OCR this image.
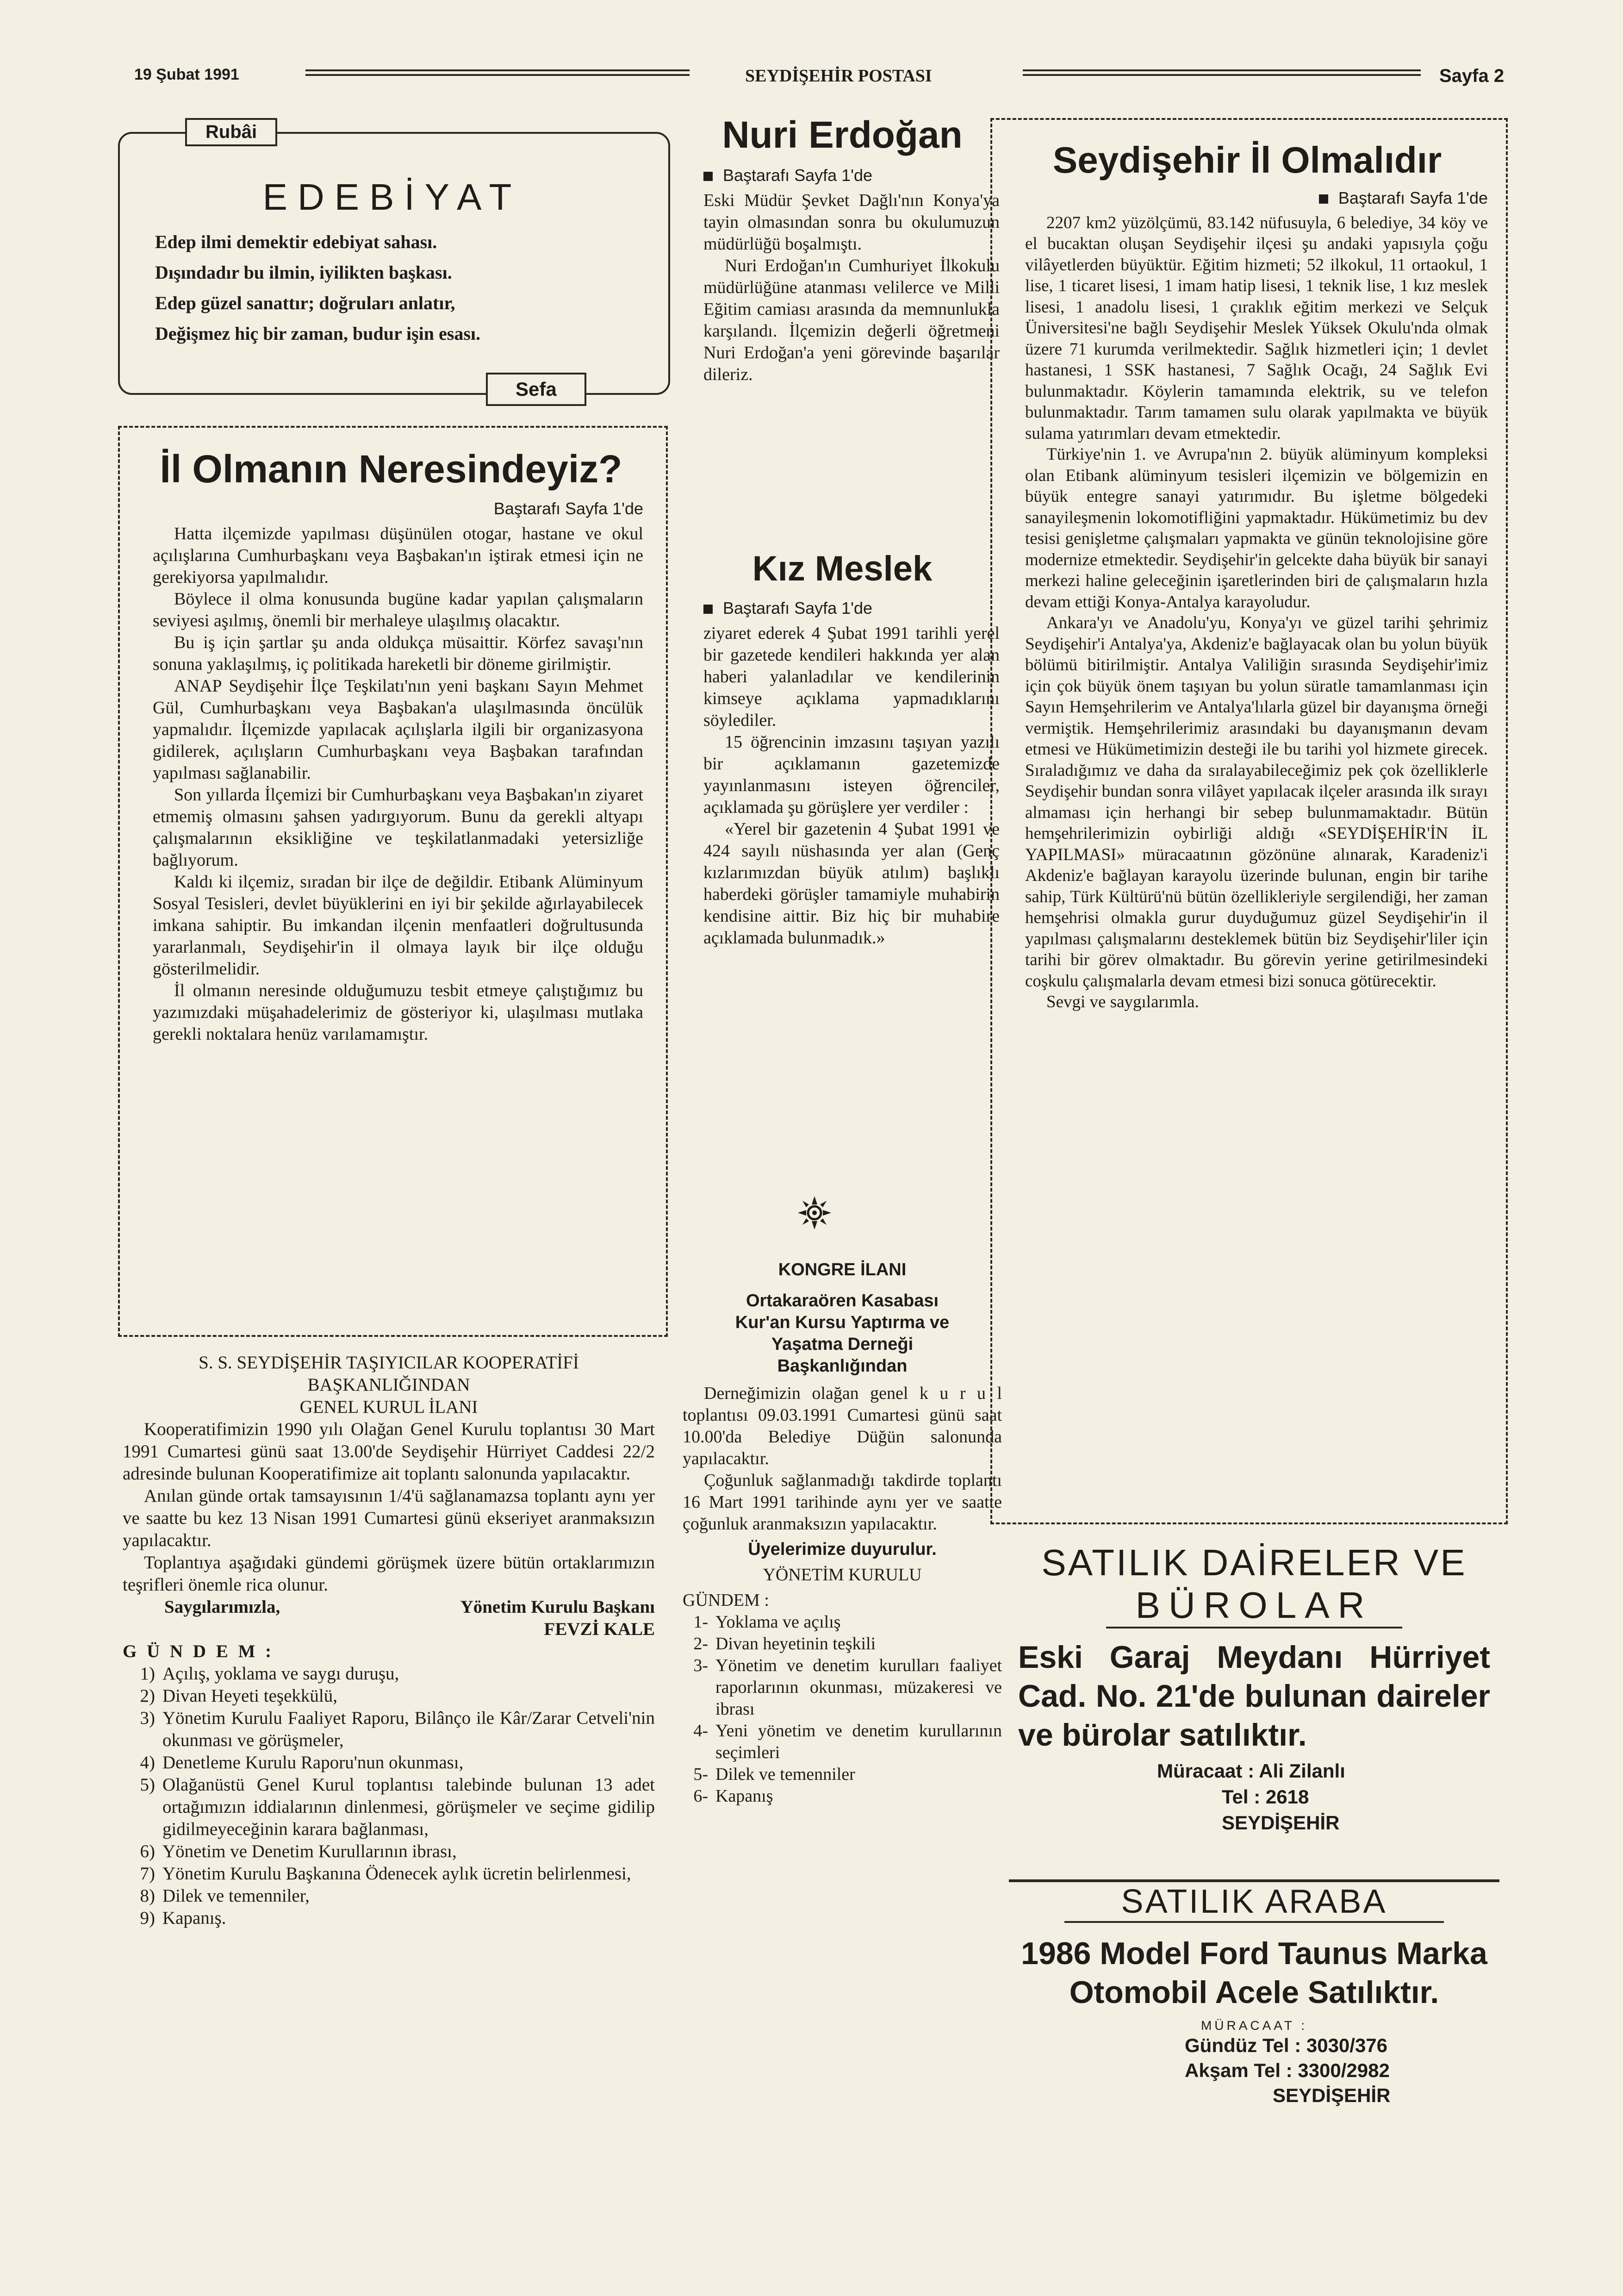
19 Şubat 1991	SEYDİŞEHİR POSTASI	Sayfa 2
Rubâi
EDEBİYAT
Edep ilmi demektir edebiyat sahası.
Dışındadır bu ilmin, iyilikten başkası.
Edep güzel sanattır; doğruları anlatır,
Değişmez hiç bir zaman, budur işin esası.
Sefa
İl Olmanın Neresindeyiz?
Baştarafı Sayfa 1'de

Hatta ilçemizde yapılması düşünülen otogar, hastane ve okul açılışlarına Cumhurbaşkanı veya Başbakan'ın iştirak etmesi için ne gerekiyorsa yapılmalıdır.

Böylece il olma konusunda bugüne kadar yapılan çalışmaların seviyesi aşılmış, önemli bir merhaleye ulaşılmış olacaktır.

Bu iş için şartlar şu anda oldukça müsaittir. Körfez savaşı'nın sonuna yaklaşılmış, iç politikada hareketli bir döneme girilmiştir.

ANAP Seydişehir İlçe Teşkilatı'nın yeni başkanı Sayın Mehmet Gül, Cumhurbaşkanı veya Başbakan'a ulaşılmasında öncülük yapmalıdır. İlçemizde yapılacak açılışlarla ilgili bir organizasyona gidilerek, açılışların Cumhurbaşkanı veya Başbakan tarafından yapılması sağlanabilir.

Son yıllarda İlçemizi bir Cumhurbaşkanı veya Başbakan'ın ziyaret etmemiş olmasını şahsen yadırgıyorum. Bunu da gerekli altyapı çalışmalarının eksikliğine ve teşkilatlanmadaki yetersizliğe bağlıyorum.

Kaldı ki ilçemiz, sıradan bir ilçe de değildir. Etibank Alüminyum Sosyal Tesisleri, devlet büyüklerini en iyi bir şekilde ağırlayabilecek imkana sahiptir. Bu imkandan ilçenin menfaatleri doğrultusunda yararlanmalı, Seydişehir'in il olmaya layık bir ilçe olduğu gösterilmelidir.

İl olmanın neresinde olduğumuzu tesbit etmeye çalıştığımız bu yazımızdaki müşahadelerimiz de gösteriyor ki, ulaşılması mutlaka gerekli noktalara henüz varılamamıştır.

S. S. SEYDİŞEHİR TAŞIYICILAR KOOPERATİFİ
BAŞKANLIĞINDAN
GENEL KURUL İLANI

Kooperatifimizin 1990 yılı Olağan Genel Kurulu toplantısı 30 Mart 1991 Cumartesi günü saat 13.00'de Seydişehir Hürriyet Caddesi 22/2 adresinde bulunan Kooperatifimize ait toplantı salonunda yapılacaktır.

Anılan günde ortak tamsayısının 1/4'ü sağlanamazsa toplantı aynı yer ve saatte bu kez 13 Nisan 1991 Cumartesi günü ekseriyet aranmaksızın yapılacaktır.

Toplantıya aşağıdaki gündemi görüşmek üzere bütün ortaklarımızın teşrifleri önemle rica olunur.

Saygılarımızla,	Yönetim Kurulu Başkanı
FEVZİ KALE
G Ü N D E M :
1) Açılış, yoklama ve saygı duruşu,
2) Divan Heyeti teşekkülü,
3) Yönetim Kurulu Faaliyet Raporu, Bilânço ile Kâr/Zarar Cetveli'nin okunması ve görüşmeler,
4) Denetleme Kurulu Raporu'nun okunması,
5) Olağanüstü Genel Kurul toplantısı talebinde bulunan 13 adet ortağımızın iddialarının dinlenmesi, görüşmeler ve seçime gidilip gidilmeyeceğinin karara bağlanması,
6) Yönetim ve Denetim Kurullarının ibrası,
7) Yönetim Kurulu Başkanına Ödenecek aylık ücretin belirlenmesi,
8) Dilek ve temenniler,
9) Kapanış.
Nuri Erdoğan
Baştarafı Sayfa 1'de

Eski Müdür Şevket Dağlı'nın Konya'ya tayin olmasından sonra bu okulumuzun müdürlüğü boşalmıştı.

Nuri Erdoğan'ın Cumhuriyet İlkokulu müdürlüğüne atanması velilerce ve Milli Eğitim camiası arasında da memnunlukla karşılandı. İlçemizin değerli öğretmeni Nuri Erdoğan'a yeni görevinde başarılar dileriz.

Kız Meslek
Baştarafı Sayfa 1'de

ziyaret ederek 4 Şubat 1991 tarihli yerel bir gazetede kendileri hakkında yer alan haberi yalanladılar ve kendilerinin kimseye açıklama yapmadıklarını söylediler.

15 öğrencinin imzasını taşıyan yazılı bir açıklamanın gazetemizde yayınlanmasını isteyen öğrenciler, açıklamada şu görüşlere yer verdiler :

«Yerel bir gazetenin 4 Şubat 1991 ve 424 sayılı nüshasında yer alan (Genç kızlarımızdan büyük atılım) başlıklı haberdeki görüşler tamamiyle muhabirin kendisine aittir. Biz hiç bir muhabire açıklamada bulunmadık.»

KONGRE İLANI
Ortakaraören Kasabası
Kur'an Kursu Yaptırma ve
Yaşatma Derneği
Başkanlığından

Derneğimizin olağan genel k u r u l toplantısı 09.03.1991 Cumartesi günü saat 10.00'da Belediye Düğün salonunda yapılacaktır.

Çoğunluk sağlanmadığı takdirde toplantı 16 Mart 1991 tarihinde aynı yer ve saatte çoğunluk aranmaksızın yapılacaktır.

Üyelerimize duyurulur.
YÖNETİM KURULU
GÜNDEM :
1- Yoklama ve açılış
2- Divan heyetinin teşkili
3- Yönetim ve denetim kurulları faaliyet raporlarının okunması, müzakeresi ve ibrası
4- Yeni yönetim ve denetim kurullarının seçimleri
5- Dilek ve temenniler
6- Kapanış
Seydişehir İl Olmalıdır
Baştarafı Sayfa 1'de

2207 km2 yüzölçümü, 83.142 nüfusuyla, 6 belediye, 34 köy ve el bucaktan oluşan Seydişehir ilçesi şu andaki yapısıyla çoğu vilâyetlerden büyüktür. Eğitim hizmeti; 52 ilkokul, 11 ortaokul, 1 lise, 1 ticaret lisesi, 1 imam hatip lisesi, 1 teknik lise, 1 kız meslek lisesi, 1 anadolu lisesi, 1 çıraklık eğitim merkezi ve Selçuk Üniversitesi'ne bağlı Seydişehir Meslek Yüksek Okulu'nda olmak üzere 71 kurumda verilmektedir. Sağlık hizmetleri için; 1 devlet hastanesi, 1 SSK hastanesi, 7 Sağlık Ocağı, 24 Sağlık Evi bulunmaktadır. Köylerin tamamında elektrik, su ve telefon bulunmaktadır. Tarım tamamen sulu olarak yapılmakta ve büyük sulama yatırımları devam etmektedir.

Türkiye'nin 1. ve Avrupa'nın 2. büyük alüminyum kompleksi olan Etibank alüminyum tesisleri ilçemizin ve bölgemizin en büyük entegre sanayi yatırımıdır. Bu işletme bölgedeki sanayileşmenin lokomotifliğini yapmaktadır. Hükümetimiz bu dev tesisi genişletme çalışmaları yapmakta ve günün teknolojisine göre modernize etmektedir. Seydişehir'in gelcekte daha büyük bir sanayi merkezi haline geleceğinin işaretlerinden biri de çalışmaların hızla devam ettiği Konya-Antalya karayoludur.

Ankara'yı ve Anadolu'yu, Konya'yı ve güzel tarihi şehrimiz Seydişehir'i Antalya'ya, Akdeniz'e bağlayacak olan bu yolun büyük bölümü bitirilmiştir. Antalya Valiliğin sırasında Seydişehir'imiz için çok büyük önem taşıyan bu yolun süratle tamamlanması için Sayın Hemşehrilerim ve Antalya'lılarla güzel bir dayanışma örneği vermiştik. Hemşehrilerimiz arasındaki bu dayanışmanın devam etmesi ve Hükümetimizin desteği ile bu tarihi yol hizmete girecek. Sıraladığımız ve daha da sıralayabileceğimiz pek çok özelliklerle Seydişehir bundan sonra vilâyet yapılacak ilçeler arasında ilk sırayı almaması için herhangi bir sebep bulunmamaktadır. Bütün hemşehrilerimizin oybirliği aldığı «SEYDİŞEHİR'İN İL YAPILMASI» müracaatının gözönüne alınarak, Karadeniz'i Akdeniz'e bağlayan karayolu üzerinde bulunan, engin bir tarihe sahip, Türk Kültürü'nü bütün özellikleriyle sergilendiği, her zaman hemşehrisi olmakla gurur duyduğumuz güzel Seydişehir'in il yapılması çalışmalarını desteklemek bütün biz Seydişehir'liler için tarihi bir görev olmaktadır. Bu görevin yerine getirilmesindeki coşkulu çalışmalarla devam etmesi bizi sonuca götürecektir.

Sevgi ve saygılarımla.

SATILIK DAİRELER VE
BÜROLAR
Eski Garaj Meydanı Hürriyet Cad. No. 21'de bulunan daireler ve bürolar satılıktır.
Müracaat : Ali Zilanlı
Tel : 2618
SEYDİŞEHİR
SATILIK ARABA
1986 Model Ford Taunus Marka
Otomobil Acele Satılıktır.
MÜRACAAT :
Gündüz Tel : 3030/376
Akşam Tel : 3300/2982
SEYDİŞEHİR
